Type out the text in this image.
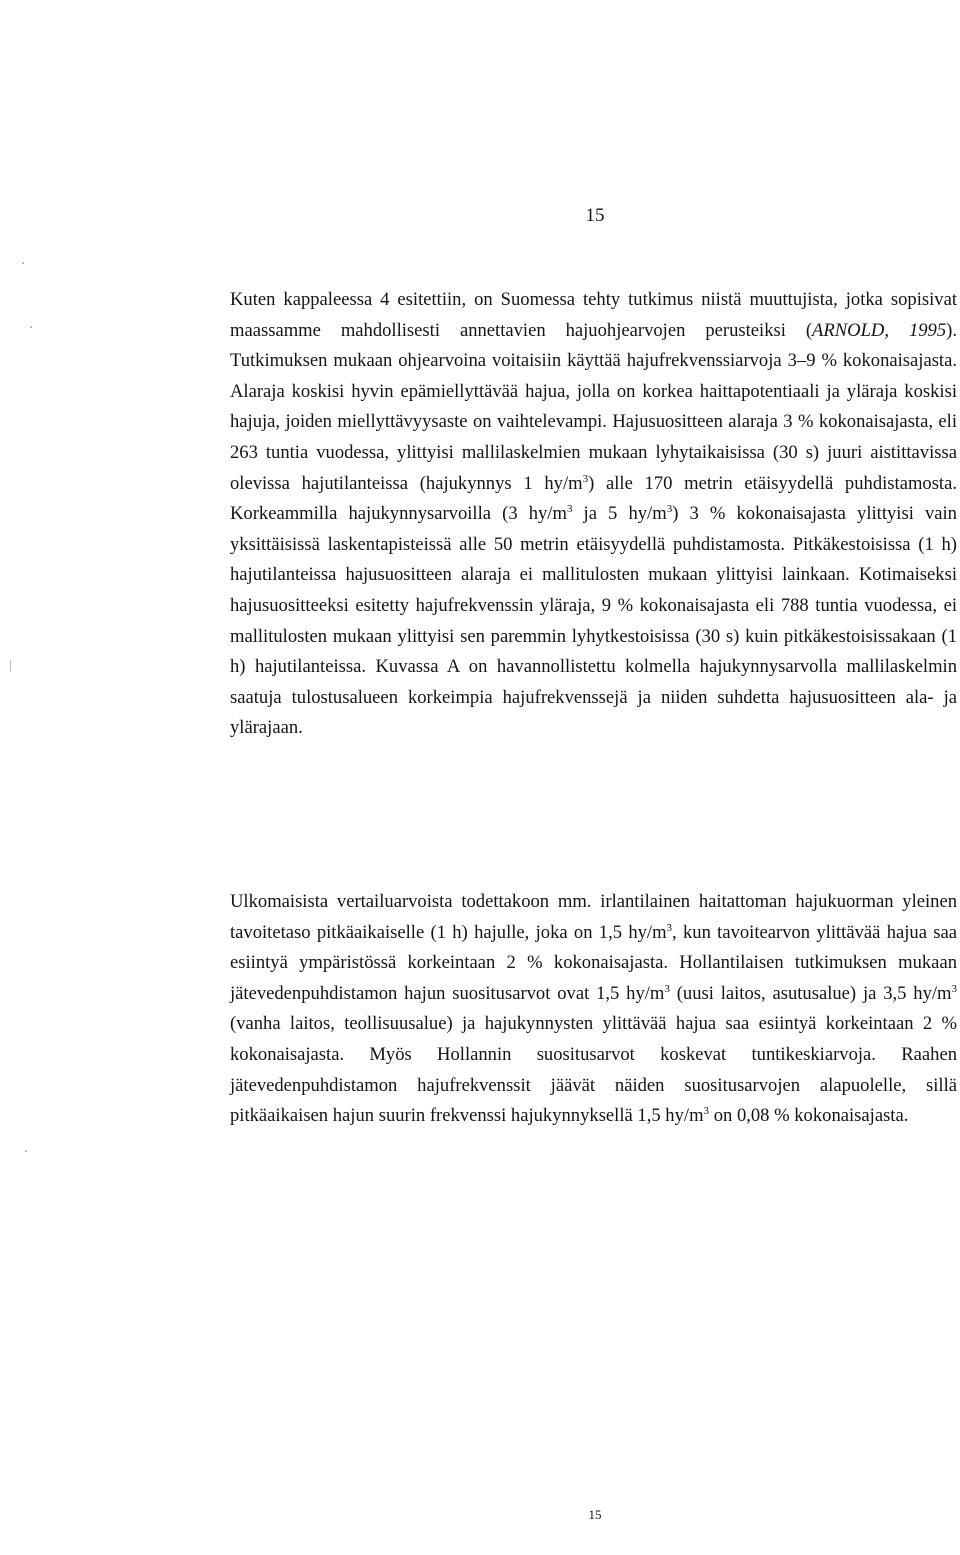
15

Kuten kappaleessa 4 esitettiin, on Suomessa tehty tutkimus niistä muuttujista, jotka sopisivat maassamme mahdollisesti annettavien hajuohjearvojen perusteiksi (ARNOLD, 1995). Tutkimuksen mukaan ohjearvoina voitaisiin käyttää hajufrekvenssiarvoja 3–9 % kokonaisajasta. Alaraja koskisi hyvin epämiellyttävää hajua, jolla on korkea haittapotentiaali ja yläraja koskisi hajuja, joiden miellyttävyysaste on vaihtelevampi. Hajusuositteen alaraja 3 % kokonaisajasta, eli 263 tuntia vuodessa, ylittyisi mallilaskelmien mukaan lyhytaikaisissa (30 s) juuri aistittavissa olevissa hajutilanteissa (hajukynnys 1 $hy/m^3$) alle 170 metrin etäisyydellä puhdistamosta. Korkeammilla hajukynnysarvoilla (3 $hy/m^3$ ja 5 $hy/m^3$) 3 % kokonaisajasta ylittyisi vain yksittäisissä laskentapisteissä alle 50 metrin etäisyydellä puhdistamosta. Pitkäkestoisissa (1 h) hajutilanteissa hajusuositteen alaraja ei mallitulosten mukaan ylittyisi lainkaan. Kotimaiseksi hajusuositteeksi esitetty hajufrekvenssin yläraja, 9 % kokonaisajasta eli 788 tuntia vuodessa, ei mallitulosten mukaan ylittyisi sen paremmin lyhytkestoisissa (30 s) kuin pitkäkestoisissakaan (1 h) hajutilanteissa. Kuvassa A on havannollistettu kolmella hajukynnysarvolla mallilaskelmin saatuja tulostusalueen korkeimpia hajufrekvenssejä ja niiden suhdetta hajusuositteen ala- ja ylärajaan.

Ulkomaisista vertailuarvoista todettakoon mm. irlantilainen haitattoman hajukuorman yleinen tavoitetaso pitkäaikaiselle (1 h) hajulle, joka on 1,5 $hy/m^3$, kun tavoitearvon ylittävää hajua saa esiintyä ympäristössä korkeintaan 2 % kokonaisajasta. Hollantilaisen tutkimuksen mukaan jätevedenpuhdistamon hajun suositusarvot ovat 1,5 $hy/m^3$ (uusi laitos, asutusalue) ja 3,5 $hy/m^3$ (vanha laitos, teollisuusalue) ja hajukynnysten ylittävää hajua saa esiintyä korkeintaan 2 % kokonaisajasta. Myös Hollannin suositusarvot koskevat tuntikeskiarvoja. Raahen jätevedenpuhdistamon hajufrekvenssit jäävät näiden suositusarvojen alapuolelle, sillä pitkäaikaisen hajun suurin frekvenssi hajukynnyksellä 1,5 $hy/m^3$ on 0,08 % kokonaisajasta.

15
